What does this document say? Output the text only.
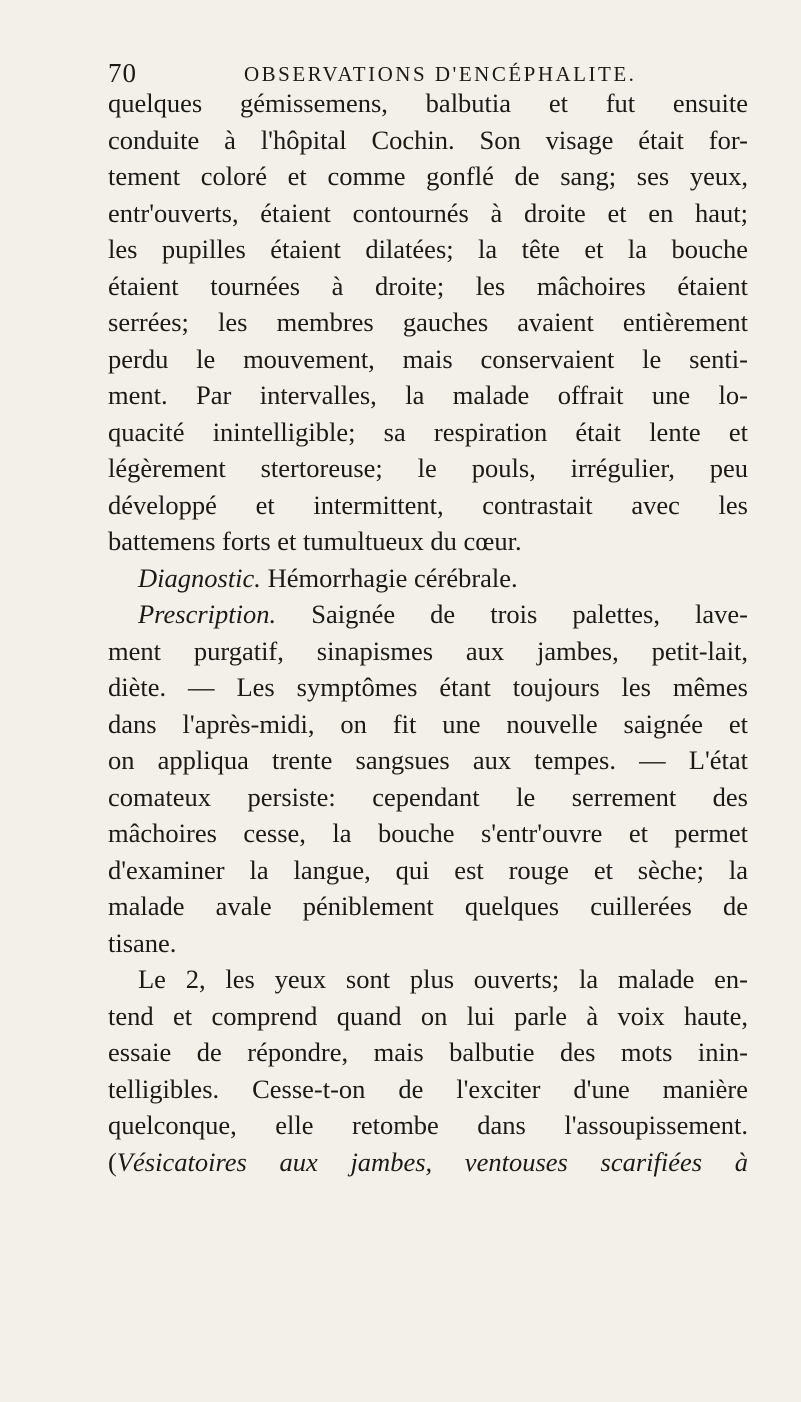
70	OBSERVATIONS D'ENCÉPHALITE.
quelques gémissemens, balbutia et fut ensuite
conduite à l'hôpital Cochin. Son visage était for-
tement coloré et comme gonflé de sang; ses yeux,
entr'ouverts, étaient contournés à droite et en haut;
les pupilles étaient dilatées; la tête et la bouche
étaient tournées à droite; les mâchoires étaient
serrées; les membres gauches avaient entièrement
perdu le mouvement, mais conservaient le senti-
ment. Par intervalles, la malade offrait une lo-
quacité inintelligible; sa respiration était lente et
légèrement stertoreuse; le pouls, irrégulier, peu
développé et intermittent, contrastait avec les
battemens forts et tumultueux du cœur.
Diagnostic. Hémorrhagie cérébrale.
Prescription. Saignée de trois palettes, lave-
ment purgatif, sinapismes aux jambes, petit-lait,
diète. — Les symptômes étant toujours les mêmes
dans l'après-midi, on fit une nouvelle saignée et
on appliqua trente sangsues aux tempes. — L'état
comateux persiste: cependant le serrement des
mâchoires cesse, la bouche s'entr'ouvre et permet
d'examiner la langue, qui est rouge et sèche; la
malade avale péniblement quelques cuillerées de
tisane.
Le 2, les yeux sont plus ouverts; la malade en-
tend et comprend quand on lui parle à voix haute,
essaie de répondre, mais balbutie des mots inin-
telligibles. Cesse-t-on de l'exciter d'une manière
quelconque, elle retombe dans l'assoupissement.
(Vésicatoires aux jambes, ventouses scarifiées à
